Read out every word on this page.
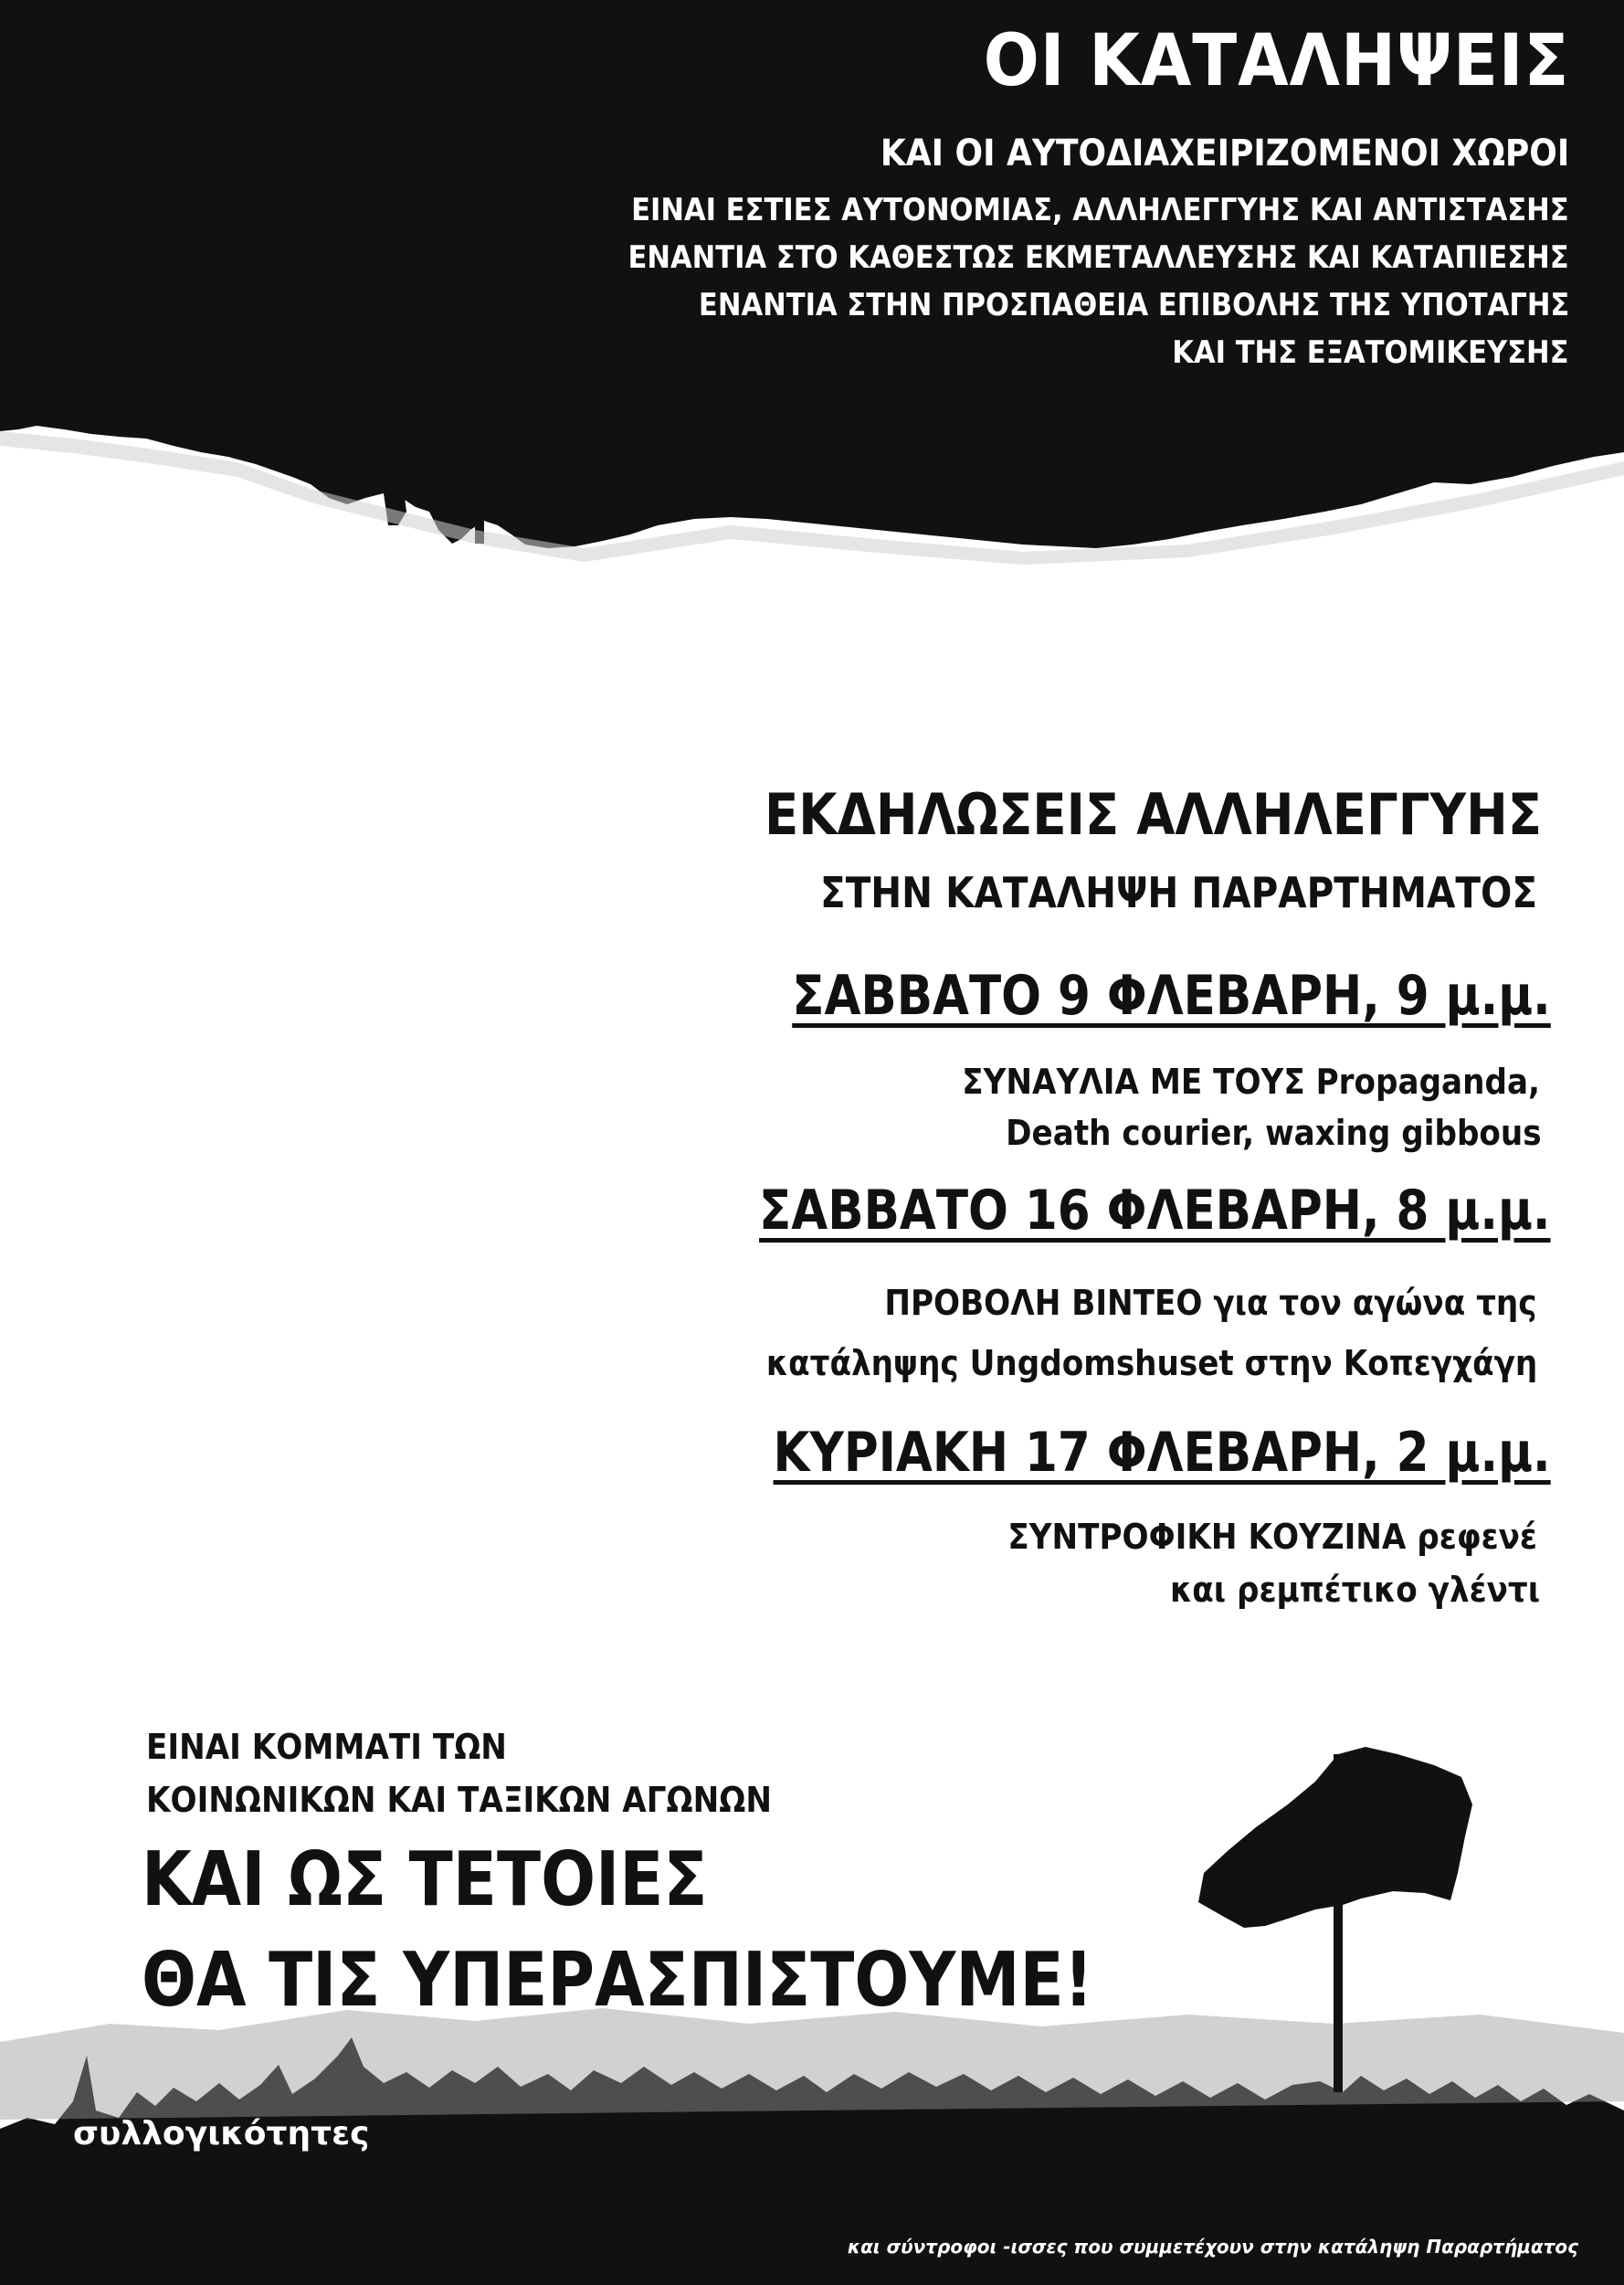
ΟΙ ΚΑΤΑΛΗΨΕΙΣ

ΚΑΙ ΟΙ ΑΥΤΟΔΙΑΧΕΙΡΙΖΟΜΕΝΟΙ ΧΩΡΟΙ

ΕΙΝΑΙ ΕΣΤΙΕΣ ΑΥΤΟΝΟΜΙΑΣ, ΑΛΛΗΛΕΓΓΥΗΣ ΚΑΙ ΑΝΤΙΣΤΑΣΗΣ

ΕΝΑΝΤΙΑ ΣΤΟ ΚΑΘΕΣΤΩΣ ΕΚΜΕΤΑΛΛΕΥΣΗΣ ΚΑΙ ΚΑΤΑΠΙΕΣΗΣ

ΕΝΑΝΤΙΑ ΣΤΗΝ ΠΡΟΣΠΑΘΕΙΑ ΕΠΙΒΟΛΗΣ ΤΗΣ ΥΠΟΤΑΓΗΣ

ΚΑΙ ΤΗΣ ΕΞΑΤΟΜΙΚΕΥΣΗΣ

ΕΚΔΗΛΩΣΕΙΣ ΑΛΛΗΛΕΓΓΥΗΣ

ΣΤΗΝ ΚΑΤΑΛΗΨΗ ΠΑΡΑΡΤΗΜΑΤΟΣ

ΣΑΒΒΑΤΟ 9 ΦΛΕΒΑΡΗ, 9 μ.μ.

ΣΥΝΑΥΛΙΑ ΜΕ ΤΟΥΣ Propaganda,

Death courier, waxing gibbous

ΣΑΒΒΑΤΟ 16 ΦΛΕΒΑΡΗ, 8 μ.μ.

ΠΡΟΒΟΛΗ ΒΙΝΤΕΟ για τον αγώνα της

κατάληψης Ungdomshuset στην Κοπεγχάγη

ΚΥΡΙΑΚΗ 17 ΦΛΕΒΑΡΗ, 2 μ.μ.

ΣΥΝΤΡΟΦΙΚΗ ΚΟΥΖΙΝΑ ρεφενέ

και ρεμπέτικο γλέντι

ΕΙΝΑΙ ΚΟΜΜΑΤΙ ΤΩΝ

ΚΟΙΝΩΝΙΚΩΝ ΚΑΙ ΤΑΞΙΚΩΝ ΑΓΩΝΩΝ

ΚΑΙ ΩΣ ΤΕΤΟΙΕΣ

ΘΑ ΤΙΣ ΥΠΕΡΑΣΠΙΣΤΟΥΜΕ!

συλλογικότητες

και σύντροφοι -ισσες που συμμετέχουν στην κατάληψη Παραρτήματος
